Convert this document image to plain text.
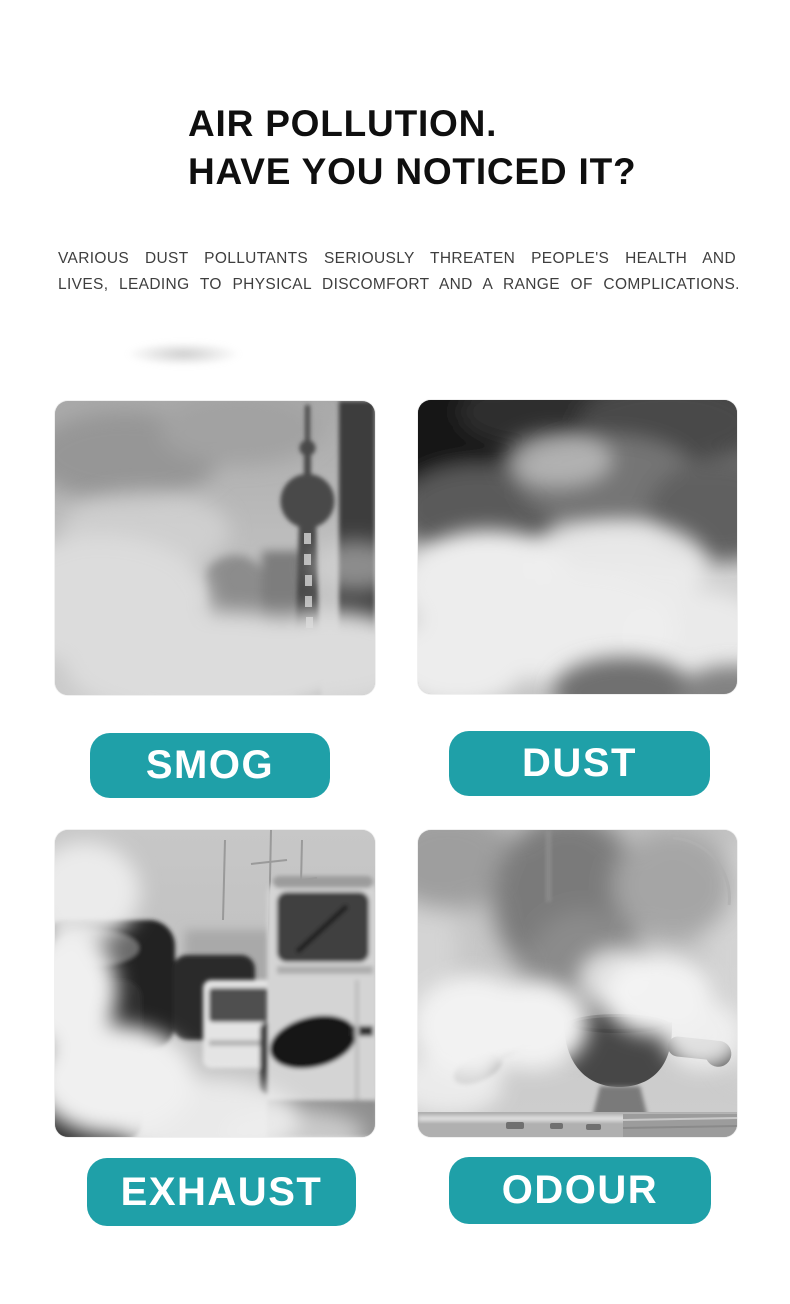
AIR POLLUTION.
HAVE YOU NOTICED IT?

VARIOUS DUST POLLUTANTS SERIOUSLY THREATEN PEOPLE'S HEALTH AND
LIVES, LEADING TO PHYSICAL DISCOMFORT AND A RANGE OF COMPLICATIONS.

SMOG	DUST
EXHAUST	ODOUR
